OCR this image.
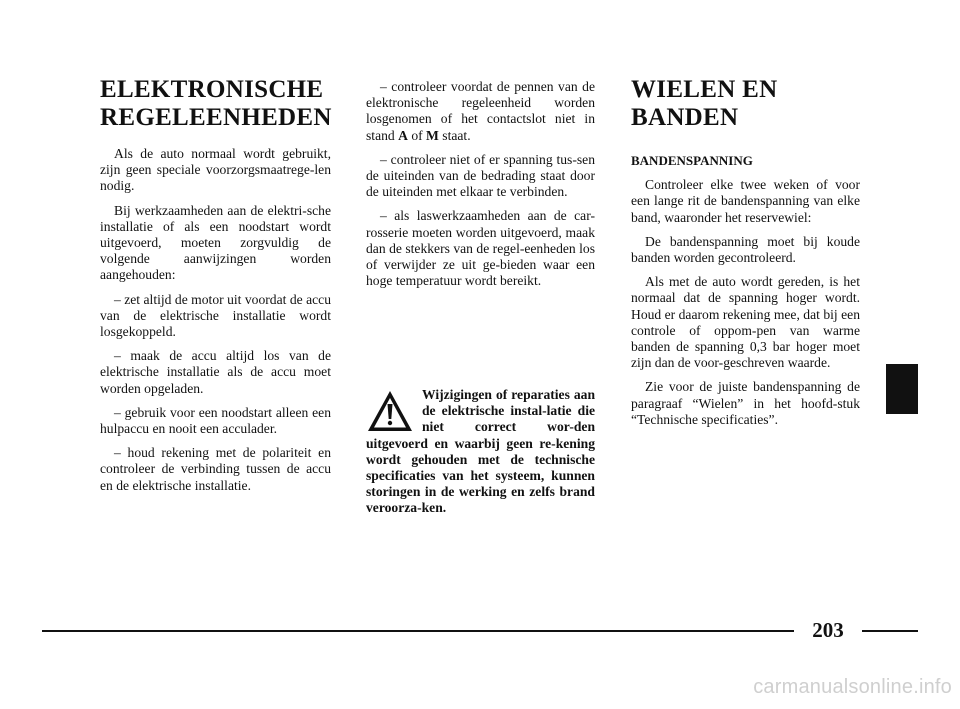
ELEKTRONISCHE
REGELEENHEDEN

Als de auto normaal wordt gebruikt, zijn geen speciale voorzorgsmaatrege-len nodig.

Bij werkzaamheden aan de elektri-sche installatie of als een noodstart wordt uitgevoerd, moeten zorgvuldig de volgende aanwijzingen worden aangehouden:

– zet altijd de motor uit voordat de accu van de elektrische installatie wordt losgekoppeld.

– maak de accu altijd los van de elektrische installatie als de accu moet worden opgeladen.

– gebruik voor een noodstart alleen een hulpaccu en nooit een acculader.

– houd rekening met de polariteit en controleer de verbinding tussen de accu en de elektrische installatie.

– controleer voordat de pennen van de elektronische regeleenheid worden losgenomen of het contactslot niet in stand A of M staat.

– controleer niet of er spanning tus-sen de uiteinden van de bedrading staat door de uiteinden met elkaar te verbinden.

– als laswerkzaamheden aan de car-rosserie moeten worden uitgevoerd, maak dan de stekkers van de regel-eenheden los of verwijder ze uit ge-bieden waar een hoge temperatuur wordt bereikt.

Wijzigingen of reparaties aan de elektrische instal-latie die niet correct wor-den uitgevoerd en waarbij geen re-kening wordt gehouden met de technische specificaties van het systeem, kunnen storingen in de werking en zelfs brand veroorza-ken.
WIELEN EN
BANDEN

BANDENSPANNING

Controleer elke twee weken of voor een lange rit de bandenspanning van elke band, waaronder het reservewiel:

De bandenspanning moet bij koude banden worden gecontroleerd.

Als met de auto wordt gereden, is het normaal dat de spanning hoger wordt. Houd er daarom rekening mee, dat bij een controle of oppom-pen van warme banden de spanning 0,3 bar hoger moet zijn dan de voor-geschreven waarde.

Zie voor de juiste bandenspanning de paragraaf “Wielen” in het hoofd-stuk “Technische specificaties”.

203
carmanualsonline.info
